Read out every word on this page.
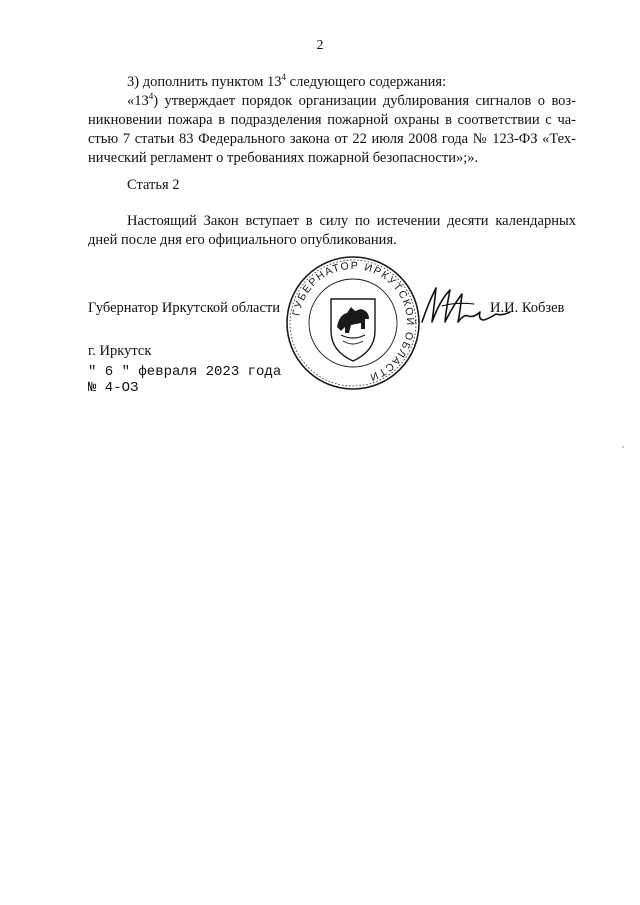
2

3) дополнить пунктом $13^4$ следующего содержания:

«$13^4$) утверждает порядок организации дублирования сигналов о воз-
никновении пожара в подразделения пожарной охраны в соответствии с ча-
стью 7 статьи 83 Федерального закона от 22 июля 2008 года № 123-ФЗ «Тех-
нический регламент о требованиях пожарной безопасности»;».

Статья 2

Настоящий Закон вступает в силу по истечении десяти календарных
дней после дня его официального опубликования.

Губернатор Иркутской области ГУБЕРНАТОР ИРКУТСКОЙ ОБЛАСТИ
И.И. Кобзев
г. Иркутск
" 6 " февраля 2023 года
№ 4-ОЗ
